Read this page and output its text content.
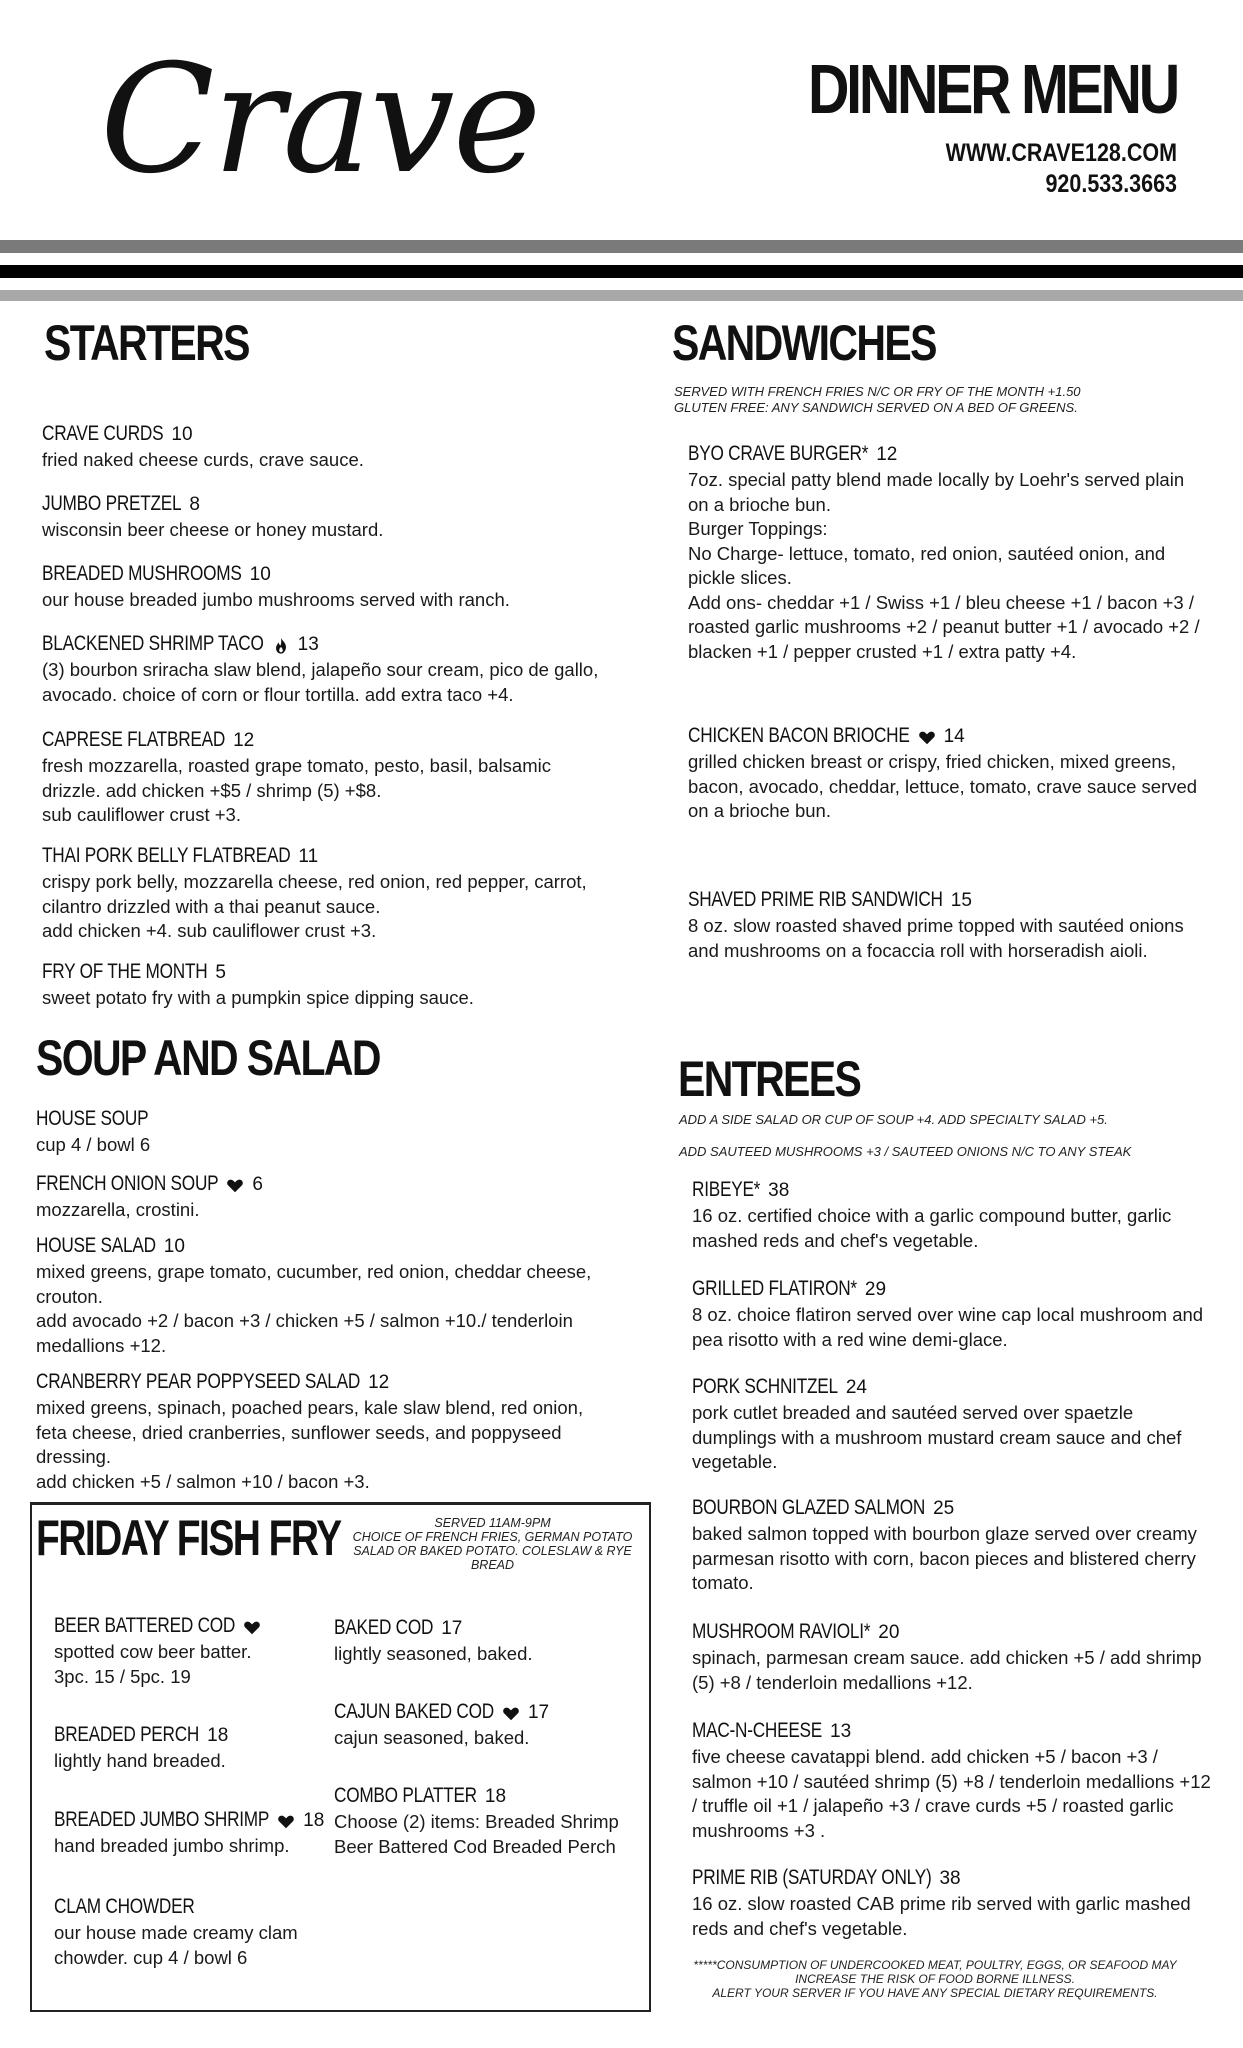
Crave	DINNER MENU
WWW.CRAVE128.COM
920.533.3663
STARTERS
SOUP AND SALAD
SANDWICHES
SERVED WITH FRENCH FRIES N/C OR FRY OF THE MONTH +1.50
GLUTEN FREE: ANY SANDWICH SERVED ON A BED OF GREENS.
ENTREES
ADD A SIDE SALAD OR CUP OF SOUP +4. ADD SPECIALTY SALAD +5.
ADD SAUTEED MUSHROOMS +3 / SAUTEED ONIONS N/C TO ANY STEAK
*****CONSUMPTION OF UNDERCOOKED MEAT, POULTRY, EGGS, OR SEAFOOD MAY
INCREASE THE RISK OF FOOD BORNE ILLNESS.
ALERT YOUR SERVER IF YOU HAVE ANY SPECIAL DIETARY REQUIREMENTS.
FRIDAY FISH FRY	SERVED 11AM-9PM
CHOICE OF FRENCH FRIES, GERMAN POTATO SALAD OR BAKED POTATO. COLESLAW & RYE BREAD
CRAVE CURDS 10
fried naked cheese curds, crave sauce.
JUMBO PRETZEL 8
wisconsin beer cheese or honey mustard.
BREADED MUSHROOMS 10
our house breaded jumbo mushrooms served with ranch.
BLACKENED SHRIMP TACO 13
(3) bourbon sriracha slaw blend, jalapeño sour cream, pico de gallo, avocado. choice of corn or flour tortilla. add extra taco +4.
CAPRESE FLATBREAD 12
fresh mozzarella, roasted grape tomato, pesto, basil, balsamic drizzle. add chicken +$5 / shrimp (5) +$8.
sub cauliflower crust +3.
THAI PORK BELLY FLATBREAD 11
crispy pork belly, mozzarella cheese, red onion, red pepper, carrot, cilantro drizzled with a thai peanut sauce.
add chicken +4. sub cauliflower crust +3.
FRY OF THE MONTH 5
sweet potato fry with a pumpkin spice dipping sauce.
HOUSE SOUP
cup 4 / bowl 6
FRENCH ONION SOUP 6
mozzarella, crostini.
HOUSE SALAD 10
mixed greens, grape tomato, cucumber, red onion, cheddar cheese, crouton.
add avocado +2 / bacon +3 / chicken +5 / salmon +10./ tenderloin medallions +12.
CRANBERRY PEAR POPPYSEED SALAD 12
mixed greens, spinach, poached pears, kale slaw blend, red onion, feta cheese, dried cranberries, sunflower seeds, and poppyseed dressing.
add chicken +5 / salmon +10 / bacon +3.
BYO CRAVE BURGER* 12
7oz. special patty blend made locally by Loehr's served plain on a brioche bun.
Burger Toppings:
No Charge- lettuce, tomato, red onion, sautéed onion, and pickle slices.
Add ons- cheddar +1 / Swiss +1 / bleu cheese +1 / bacon +3 / roasted garlic mushrooms +2 / peanut butter +1 / avocado +2 / blacken +1 / pepper crusted +1 / extra patty +4.
CHICKEN BACON BRIOCHE 14
grilled chicken breast or crispy, fried chicken, mixed greens, bacon, avocado, cheddar, lettuce, tomato, crave sauce served on a brioche bun.
SHAVED PRIME RIB SANDWICH 15
8 oz. slow roasted shaved prime topped with sautéed onions and mushrooms on a focaccia roll with horseradish aioli.
RIBEYE* 38
16 oz. certified choice with a garlic compound butter, garlic mashed reds and chef's vegetable.
GRILLED FLATIRON* 29
8 oz. choice flatiron served over wine cap local mushroom and pea risotto with a red wine demi-glace.
PORK SCHNITZEL 24
pork cutlet breaded and sautéed served over spaetzle dumplings with a mushroom mustard cream sauce and chef vegetable.
BOURBON GLAZED SALMON 25
baked salmon topped with bourbon glaze served over creamy parmesan risotto with corn, bacon pieces and blistered cherry tomato.
MUSHROOM RAVIOLI* 20
spinach, parmesan cream sauce. add chicken +5 / add shrimp (5) +8 / tenderloin medallions +12.
MAC-N-CHEESE 13
five cheese cavatappi blend. add chicken +5 / bacon +3 / salmon +10 / sautéed shrimp (5) +8 / tenderloin medallions +12 / truffle oil +1 / jalapeño +3 / crave curds +5 / roasted garlic mushrooms +3 .
PRIME RIB (SATURDAY ONLY) 38
16 oz. slow roasted CAB prime rib served with garlic mashed reds and chef's vegetable.
BEER BATTERED COD
spotted cow beer batter.
3pc. 15 / 5pc. 19
BREADED PERCH 18
lightly hand breaded.
BREADED JUMBO SHRIMP 18
hand breaded jumbo shrimp.
CLAM CHOWDER
our house made creamy clam chowder. cup 4 / bowl 6
BAKED COD 17
lightly seasoned, baked.
CAJUN BAKED COD 17
cajun seasoned, baked.
COMBO PLATTER 18
Choose (2) items: Breaded Shrimp Beer Battered Cod Breaded Perch
